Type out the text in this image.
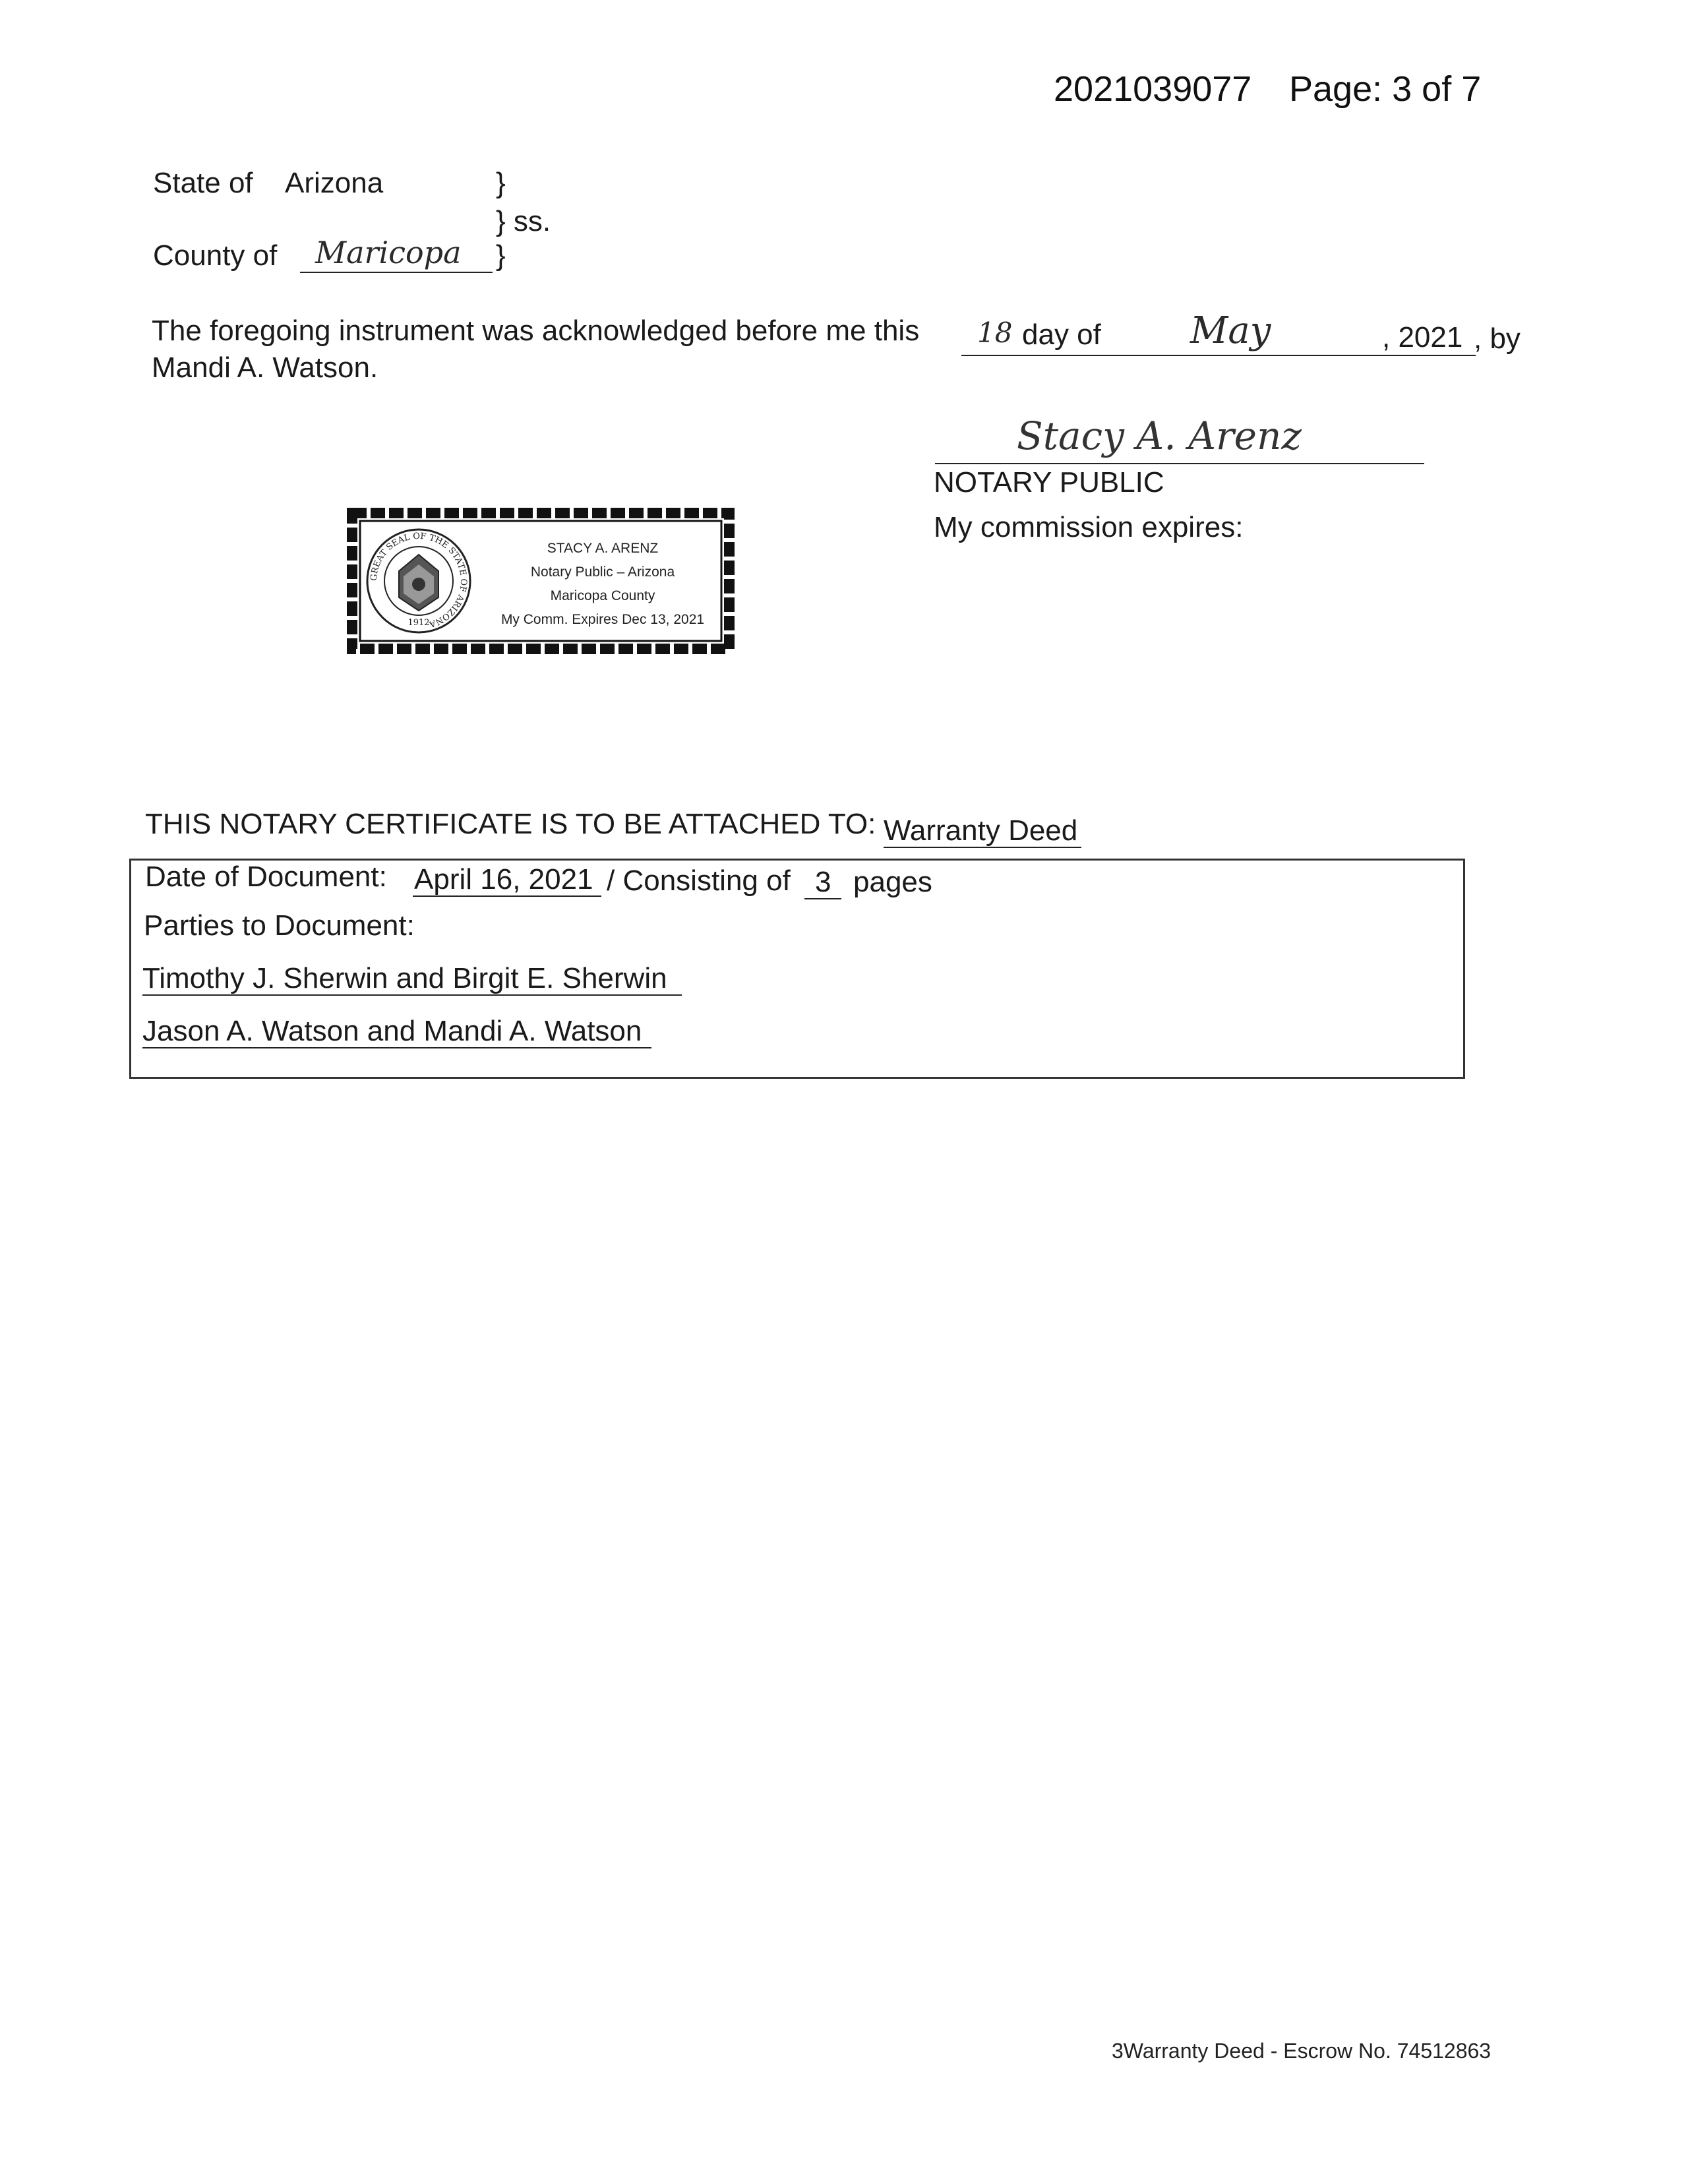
2021039077 Page: 3 of 7
State of Arizona	}
} ss.
County of Maricopa }
The foregoing instrument was acknowledged before me this 18 day of May	, 2021 , by
Mandi A. Watson.
Stacy A. Arenz
NOTARY PUBLIC
My commission expires:
GREAT SEAL OF THE STATE OF ARIZONA
1912
STACY A. ARENZ
Notary Public – Arizona
Maricopa County
My Comm. Expires Dec 13, 2021
THIS NOTARY CERTIFICATE IS TO BE ATTACHED TO: Warranty Deed
Date of Document: April 16, 2021 / Consisting of 3 pages
Parties to Document:
Timothy J. Sherwin and Birgit E. Sherwin
Jason A. Watson and Mandi A. Watson
3Warranty Deed - Escrow No. 74512863
